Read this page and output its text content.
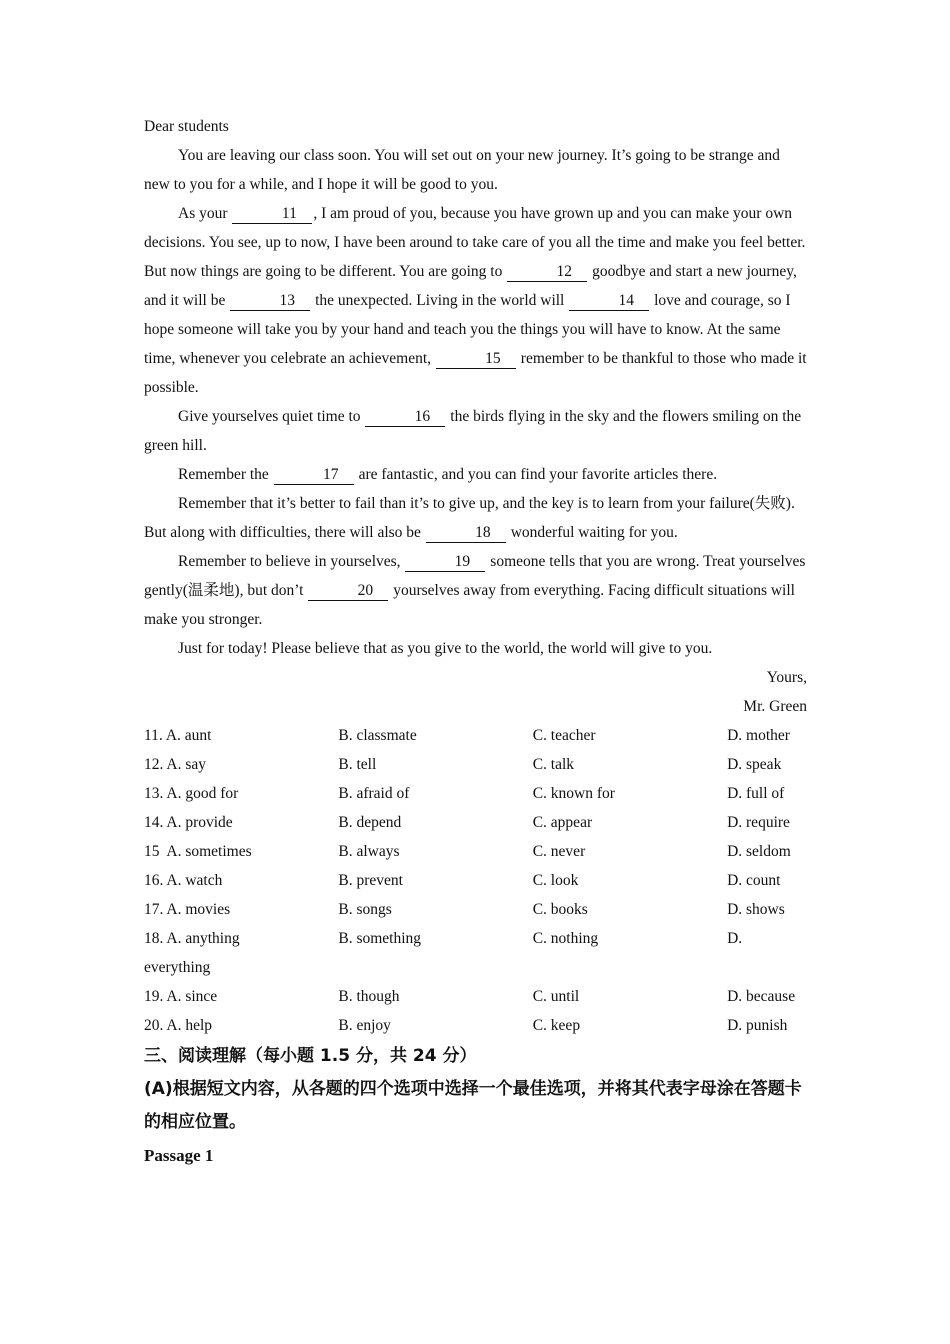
Dear students

You are leaving our class soon. You will set out on your new journey. It’s going to be strange and new to you for a while, and I hope it will be good to you.

As your	11 , I am proud of you, because you have grown up and you can make your own decisions. You see, up to now, I have been around to take care of you all the time and make you feel better. But now things are going to be different. You are going to	12 goodbye and start a new journey, and it will be	13 the unexpected. Living in the world will	14 love and courage, so I hope someone will take you by your hand and teach you the things you will have to know. At the same time, whenever you celebrate an achievement,	15 remember to be thankful to those who made it possible.

Give yourselves quiet time to	16 the birds flying in the sky and the flowers smiling on the green hill.

Remember the	17 are fantastic, and you can find your favorite articles there.

Remember that it’s better to fail than it’s to give up, and the key is to learn from your failure(失败). But along with difficulties, there will also be	18 wonderful waiting for you.

Remember to believe in yourselves,	19 someone tells that you are wrong. Treat yourselves gently(温柔地), but don’t	20 yourselves away from everything. Facing difficult situations will make you stronger.

Just for today! Please believe that as you give to the world, the world will give to you.

Yours,

Mr. Green

11. A. aunt	B. classmate	C. teacher	D. mother
12. A. say	B. tell	C. talk	D. speak
13. A. good for	B. afraid of	C. known for	D. full of
14. A. provide	B. depend	C. appear	D. require
15  A. sometimes	B. always	C. never	D. seldom
16. A. watch	B. prevent	C. look	D. count
17. A. movies	B. songs	C. books	D. shows
18. A. anything	B. something	C. nothing	D.
everything
19. A. since	B. though	C. until	D. because
20. A. help	B. enjoy	C. keep	D. punish

三、阅读理解（每小题 1.5 分，共 24 分）

(A)根据短文内容，从各题的四个选项中选择一个最佳选项，并将其代表字母涂在答题卡的相应位置。

Passage 1
